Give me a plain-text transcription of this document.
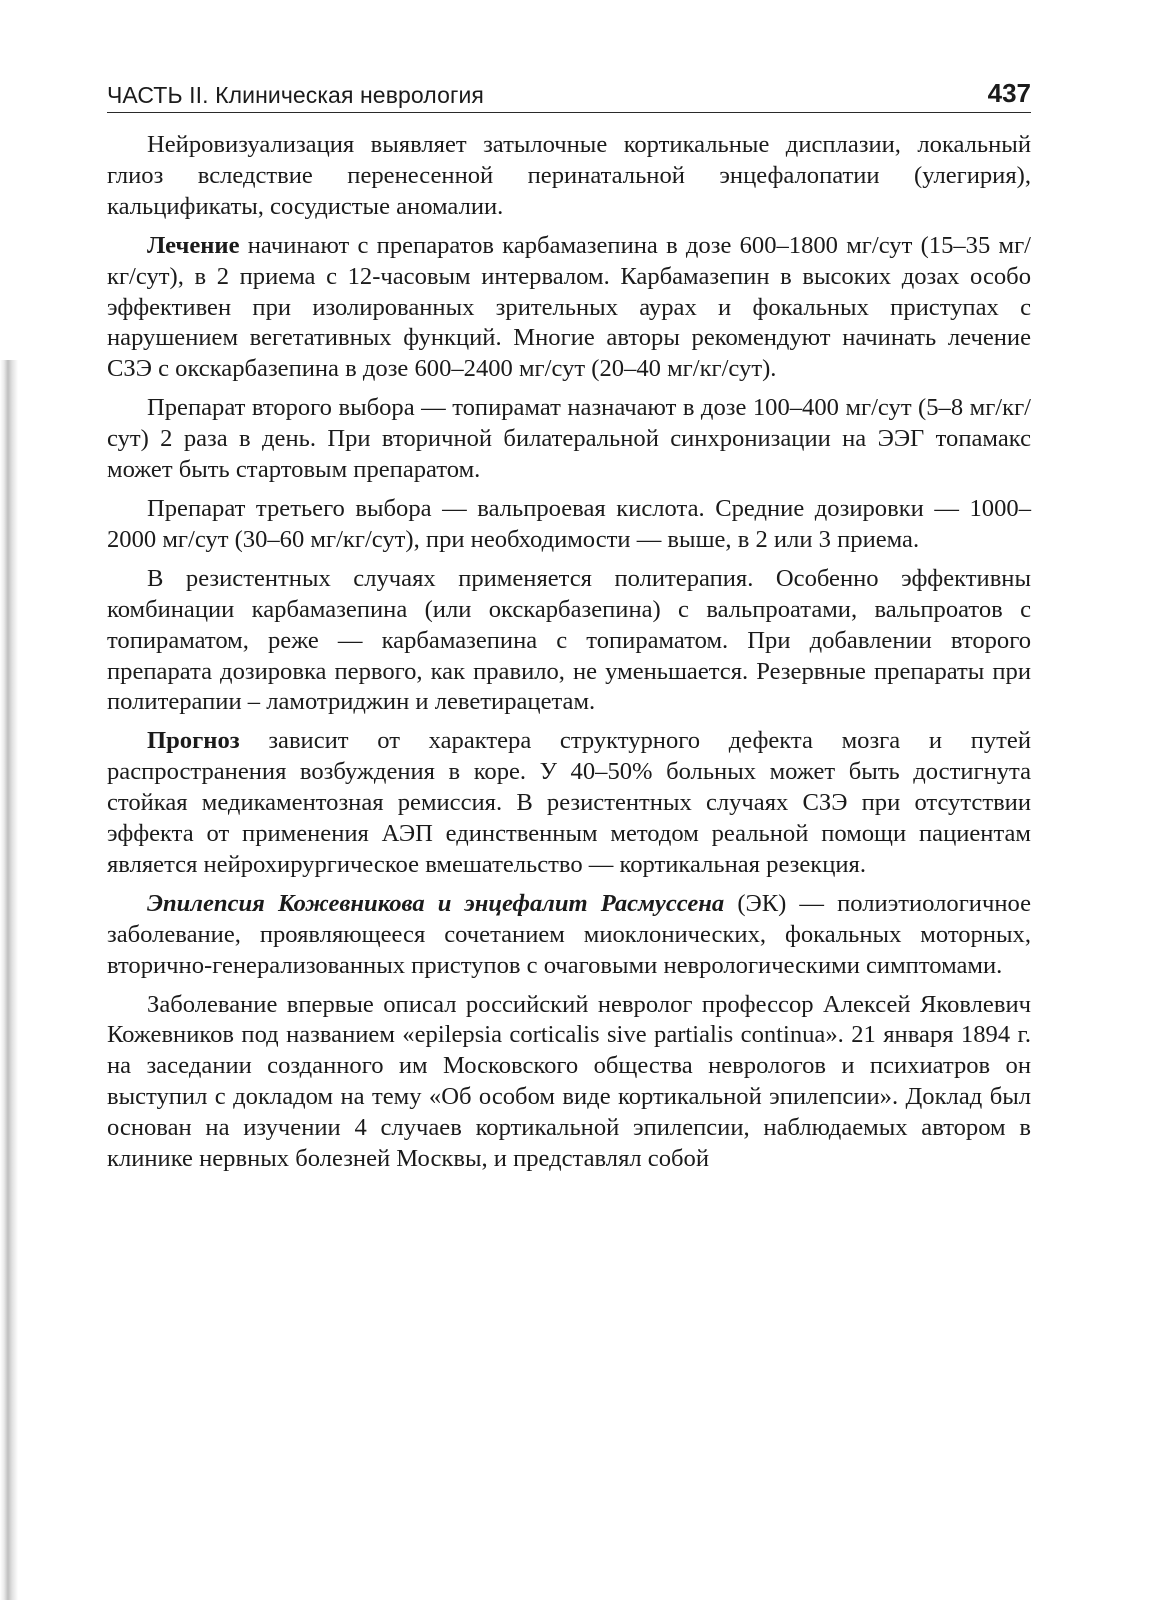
ЧАСТЬ II. Клиническая неврология	437

Нейровизуализация выявляет затылочные кортикальные дисплазии, локальный глиоз вследствие перенесенной перинатальной энцефалопатии (улегирия), кальцификаты, сосудистые аномалии.

Лечение начинают с препаратов карбамазепина в дозе 600–1800 мг/сут (15–35 мг/кг/сут), в 2 приема с 12-часовым интервалом. Карбамазепин в высоких дозах особо эффективен при изолированных зрительных аурах и фокальных приступах с нарушением вегетативных функций. Многие авторы рекомендуют начинать лечение СЗЭ с окскарбазепина в дозе 600–2400 мг/сут (20–40 мг/кг/сут).

Препарат второго выбора — топирамат назначают в дозе 100–400 мг/сут (5–8 мг/кг/сут) 2 раза в день. При вторичной билатеральной синхронизации на ЭЭГ топамакс может быть стартовым препаратом.

Препарат третьего выбора — вальпроевая кислота. Средние дозировки — 1000–2000 мг/сут (30–60 мг/кг/сут), при необходимости — выше, в 2 или 3 приема.

В резистентных случаях применяется политерапия. Особенно эффективны комбинации карбамазепина (или окскарбазепина) с вальпроатами, вальпроатов с топираматом, реже — карбамазепина с топираматом. При добавлении второго препарата дозировка первого, как правило, не уменьшается. Резервные препараты при политерапии – ламотриджин и леветирацетам.

Прогноз зависит от характера структурного дефекта мозга и путей распространения возбуждения в коре. У 40–50% больных может быть достигнута стойкая медикаментозная ремиссия. В резистентных случаях СЗЭ при отсутствии эффекта от применения АЭП единственным методом реальной помощи пациентам является нейрохирургическое вмешательство — кортикальная резекция.

Эпилепсия Кожевникова и энцефалит Расмуссена (ЭК) — полиэтиологичное заболевание, проявляющееся сочетанием миоклонических, фокальных моторных, вторично-генерализованных приступов с очаговыми неврологическими симптомами.

Заболевание впервые описал российский невролог профессор Алексей Яковлевич Кожевников под названием «epilepsia corticalis sive partialis continua». 21 января 1894 г. на заседании созданного им Московского общества неврологов и психиатров он выступил с докладом на тему «Об особом виде кортикальной эпилепсии». Доклад был основан на изучении 4 случаев кортикальной эпилепсии, наблюдаемых автором в клинике нервных болезней Москвы, и представлял собой
